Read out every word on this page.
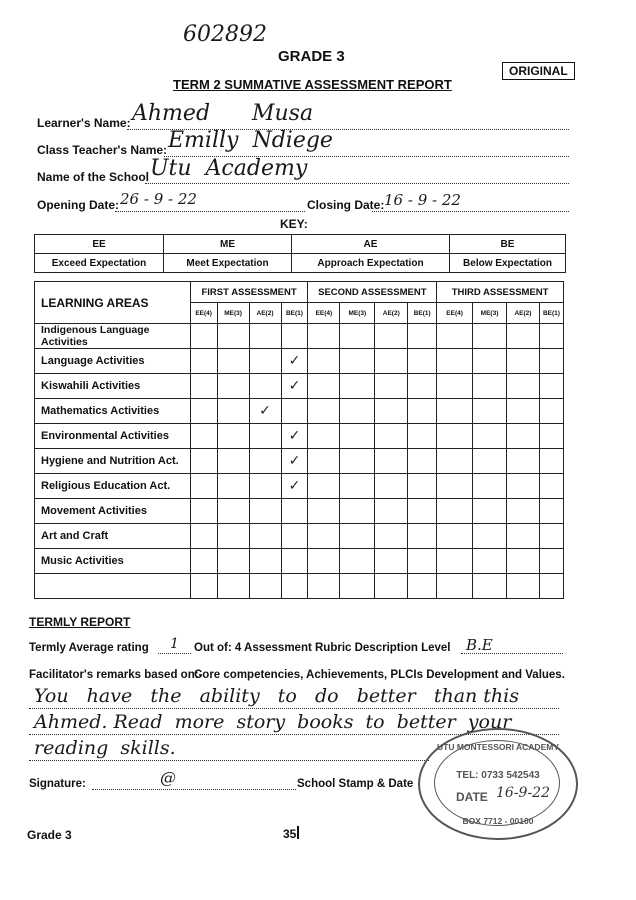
602892
GRADE 3
ORIGINAL
TERM 2 SUMMATIVE ASSESSMENT REPORT
Learner's Name: Ahmed      Musa
Class Teacher's Name: Emilly  Ndiege
Name of the School Utu  Academy
Opening Date: 26 - 9 - 22	Closing Date: 16 - 9 - 22
KEY:
EE	ME	AE	BE
Exceed Expectation	Meet Expectation	Approach Expectation	Below Expectation
LEARNING AREAS	FIRST ASSESSMENT				SECOND ASSESSMENT				THIRD ASSESSMENT			
	EE(4)	ME(3)	AE(2)	BE(1)	EE(4)	ME(3)	AE(2)	BE(1)	EE(4)	ME(3)	AE(2)	BE(1)
Indigenous Language Activities												
Language Activities				✓								
Kiswahili Activities				✓								
Mathematics Activities			✓									
Environmental Activities				✓								
Hygiene and Nutrition Act.				✓								
Religious Education Act.				✓								
Movement Activities												
Art and Craft												
Music Activities												

TERMLY REPORT
Termly Average rating 1 Out of: 4 Assessment Rubric Description Level B.E
Facilitator's remarks based on:-
Core competencies, Achievements, PLCIs Development and Values.
You   have   the   ability   to   do   better   than this
Ahmed. Read  more  story  books  to  better  your
reading  skills.
Signature:	@	School Stamp & Date
UTU MONTESSORI ACADEMY
TEL: 0733 542543
DATE 16-9-22
BOX 7712 - 00100
Grade 3	35
